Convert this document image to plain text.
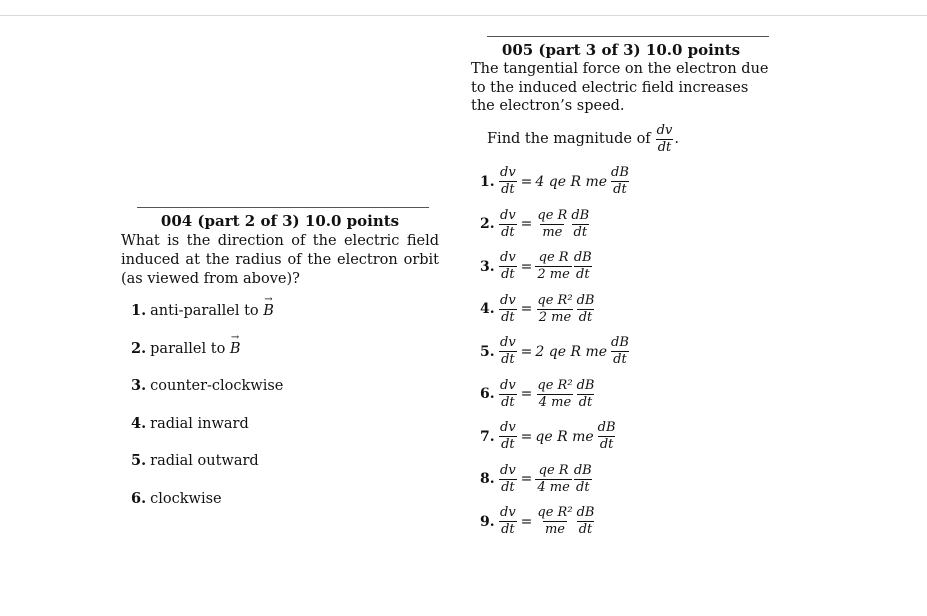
004 (part 2 of 3) 10.0 points
What is the direction of the electric field induced at the radius of the electron orbit (as viewed from above)?
1. anti-parallel to → B
2. parallel to → B
3. counter-clockwise
4. radial inward
5. radial outward
6. clockwise
005 (part 3 of 3) 10.0 points
The tangential force on the electron due to the induced electric field increases the electron’s speed.
Find the magnitude of $\frac{dv}{dt}$ .
1. $\frac{dv}{dt} = 4$ qe R me $\frac{dB}{dt}$
2. $\frac{dv}{dt} = \frac{\text{qe R}}{me} \frac{dB}{dt}$
3. $\frac{dv}{dt} = \frac{\text{qe R}}{2 me} \frac{dB}{dt}$
4. $\frac{dv}{dt} = \frac{\text{qe R²}}{2 me} \frac{dB}{dt}$
5. $\frac{dv}{dt} = 2$ qe R me $\frac{dB}{dt}$
6. $\frac{dv}{dt} = \frac{\text{qe R²}}{4 me} \frac{dB}{dt}$
7. $\frac{dv}{dt}$ = qe R me $\frac{dB}{dt}$
8. $\frac{dv}{dt} = \frac{\text{qe R}}{4 me} \frac{dB}{dt}$
9. $\frac{dv}{dt} = \frac{\text{qe R²}}{me} \frac{dB}{dt}$
